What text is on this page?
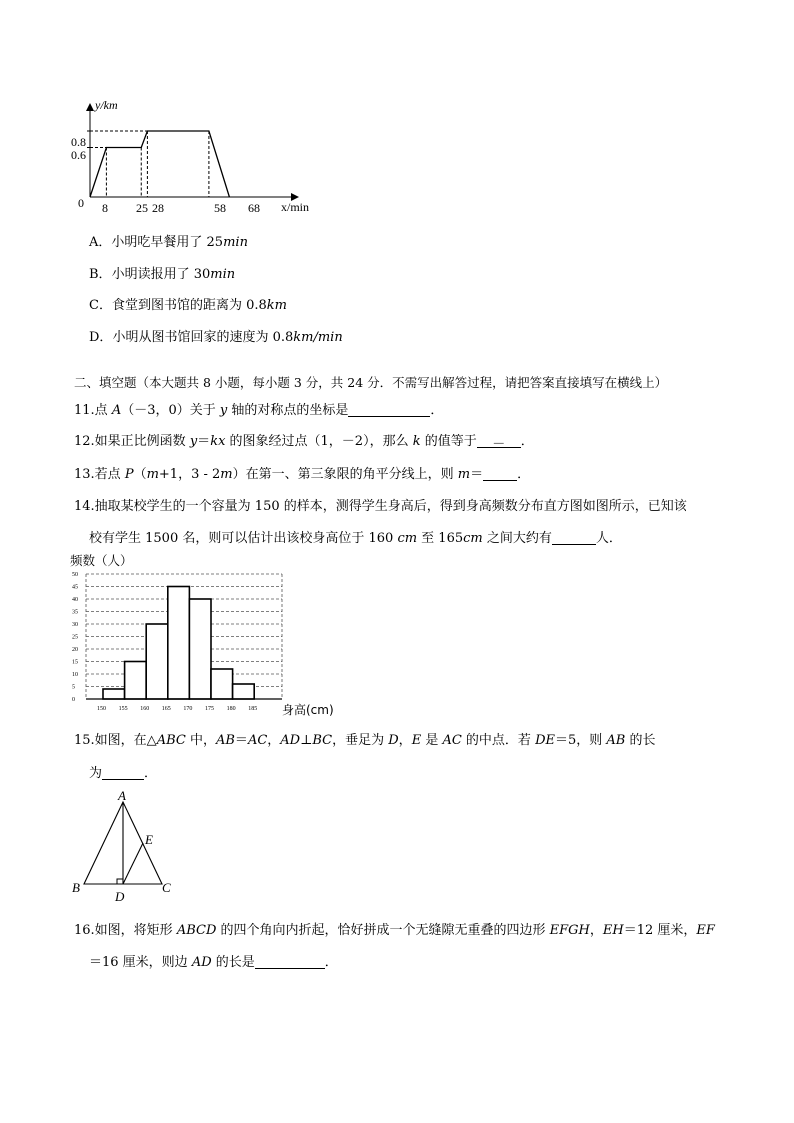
y/km
x/min
0
0.8
0.6
8 25 28	58 68
A．小明吃早餐用了 25min
B．小明读报用了 30min
C．食堂到图书馆的距离为 0.8km
D．小明从图书馆回家的速度为 0.8km/min
二、填空题（本大题共 8 小题，每小题 3 分，共 24 分．不需写出解答过程，请把答案直接填写在横线上）
11.点 A（－3，0）关于 y 轴的对称点的坐标是	．
12.如果正比例函数 y＝kx 的图象经过点（1，－2），那么 k 的值等于 － ．
13.若点 P（m+1，3 - 2m）在第一、第三象限的角平分线上，则 m＝	．
14.抽取某校学生的一个容量为 150 的样本，测得学生身高后，得到身高频数分布直方图如图所示，已知该
校有学生 1500 名，则可以估计出该校身高位于 160 cm 至 165cm 之间大约有	人．
频数（人）
50
45
40
35
30
25
20
15
10
5
0
150 155 160 165 170 175 180 185 身高(cm)
15.如图，在△ABC 中，AB＝AC，AD⊥BC，垂足为 D，E 是 AC 的中点．若 DE＝5，则 AB 的长
为	．
A
B	C
D
E
16.如图，将矩形 ABCD 的四个角向内折起，恰好拼成一个无缝隙无重叠的四边形 EFGH，EH＝12 厘米，EF
＝16 厘米，则边 AD 的长是	．
